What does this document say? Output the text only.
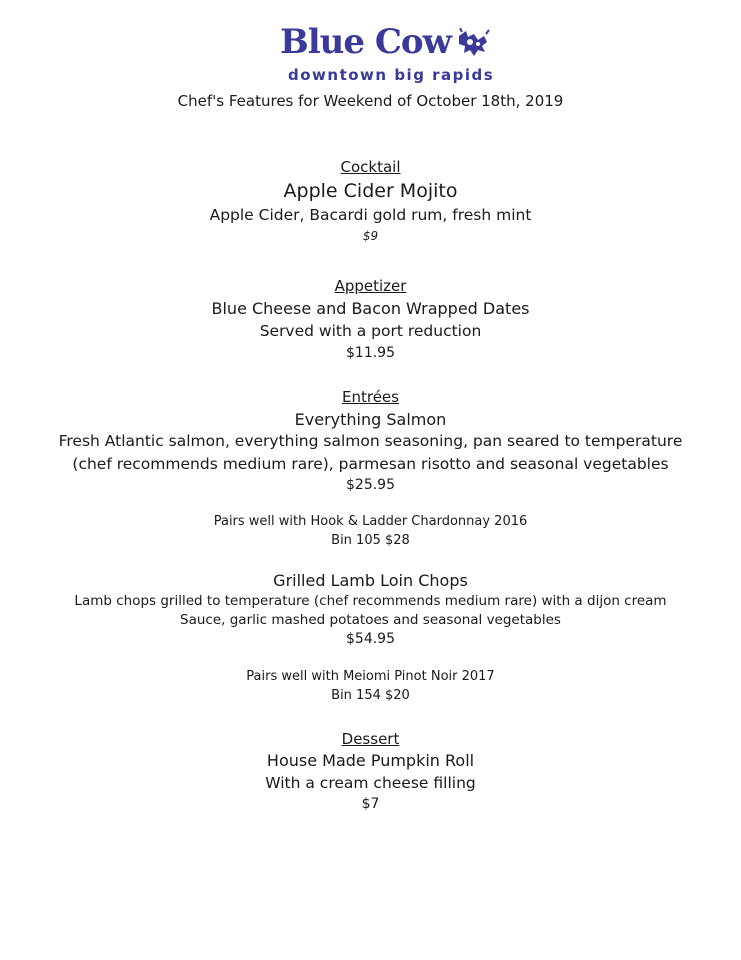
Blue Cow
downtown big rapids
Chef's Features for Weekend of October 18th, 2019
Cocktail
Apple Cider Mojito
Apple Cider, Bacardi gold rum, fresh mint
$9
Appetizer
Blue Cheese and Bacon Wrapped Dates
Served with a port reduction
$11.95
Entrées
Everything Salmon
Fresh Atlantic salmon, everything salmon seasoning, pan seared to temperature
(chef recommends medium rare), parmesan risotto and seasonal vegetables
$25.95
Pairs well with Hook & Ladder Chardonnay 2016
Bin 105 $28
Grilled Lamb Loin Chops
Lamb chops grilled to temperature (chef recommends medium rare) with a dijon cream
Sauce, garlic mashed potatoes and seasonal vegetables
$54.95
Pairs well with Meiomi Pinot Noir 2017
Bin 154 $20
Dessert
House Made Pumpkin Roll
With a cream cheese filling
$7
